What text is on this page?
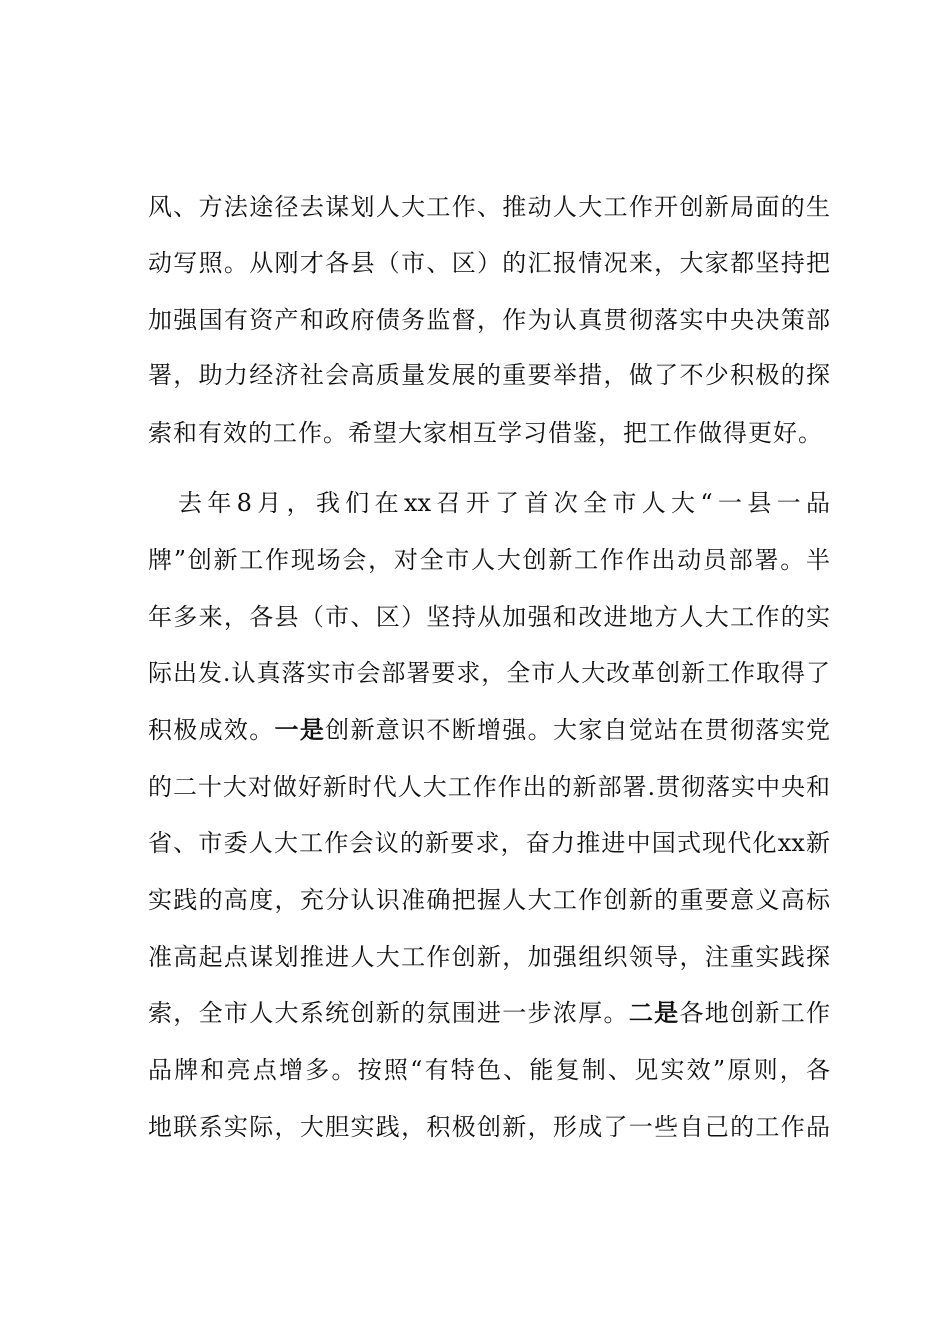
风、方法途径去谋划人大工作、推动人大工作开创新局面的生
动写照。从刚才各县（市、区）的汇报情况来，大家都坚持把
加强国有资产和政府债务监督，作为认真贯彻落实中央决策部
署，助力经济社会高质量发展的重要举措，做了不少积极的探
索和有效的工作。希望大家相互学习借鉴，把工作做得更好。
去年8月，我们在xx召开了首次全市人大“一县一品
牌”创新工作现场会，对全市人大创新工作作出动员部署。半
年多来，各县（市、区）坚持从加强和改进地方人大工作的实
际出发.认真落实市会部署要求，全市人大改革创新工作取得了
积极成效。一是创新意识不断增强。大家自觉站在贯彻落实党
的二十大对做好新时代人大工作作出的新部署.贯彻落实中央和
省、市委人大工作会议的新要求，奋力推进中国式现代化xx新
实践的高度，充分认识准确把握人大工作创新的重要意义高标
准高起点谋划推进人大工作创新，加强组织领导，注重实践探
索，全市人大系统创新的氛围进一步浓厚。二是各地创新工作
品牌和亮点增多。按照“有特色、能复制、见实效”原则，各
地联系实际，大胆实践，积极创新，形成了一些自己的工作品
